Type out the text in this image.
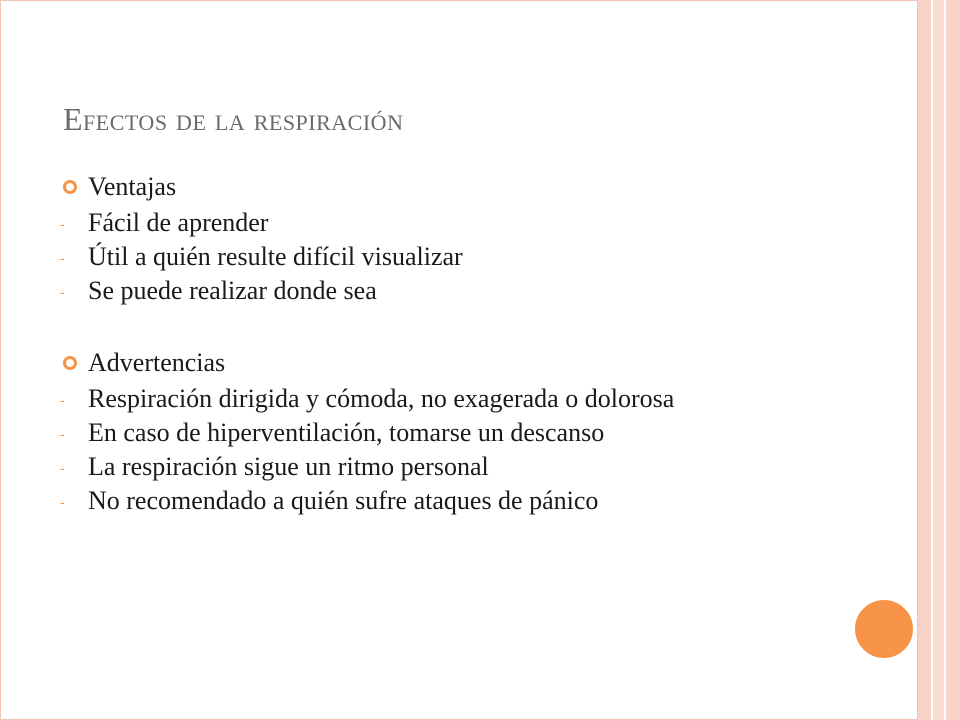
Efectos de la respiración
Ventajas
- Fácil de aprender
- Útil a quién resulte difícil visualizar
- Se puede realizar donde sea
Advertencias
- Respiración dirigida y cómoda, no exagerada o dolorosa
- En caso de hiperventilación, tomarse un descanso
- La respiración sigue un ritmo personal
- No recomendado a quién sufre ataques de pánico
